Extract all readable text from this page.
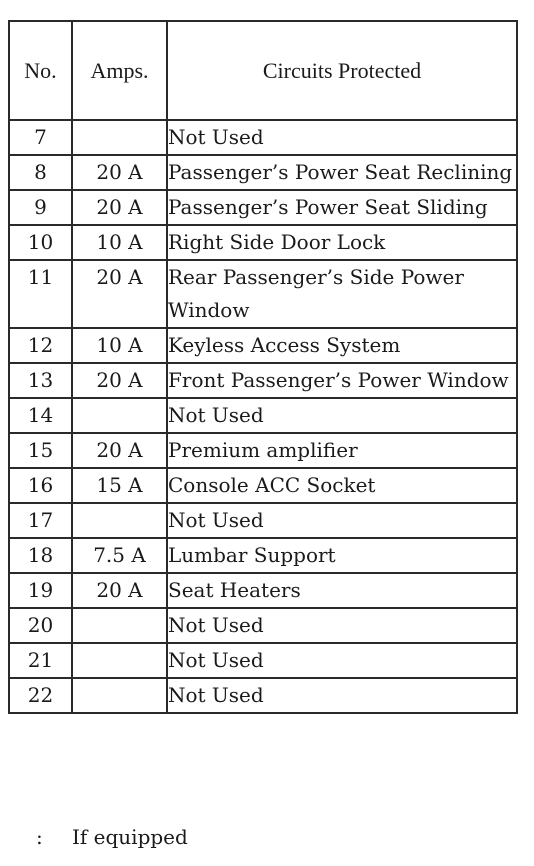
No.	Amps.	Circuits Protected
7		Not Used
8	20 A	Passenger’s Power Seat Reclining
9	20 A	Passenger’s Power Seat Sliding
10	10 A	Right Side Door Lock
11	20 A	Rear Passenger’s Side Power Window
12	10 A	Keyless Access System
13	20 A	Front Passenger’s Power Window
14		Not Used
15	20 A	Premium amplifier
16	15 A	Console ACC Socket
17		Not Used
18	7.5 A	Lumbar Support
19	20 A	Seat Heaters
20		Not Used
21		Not Used
22		Not Used
: If equipped
